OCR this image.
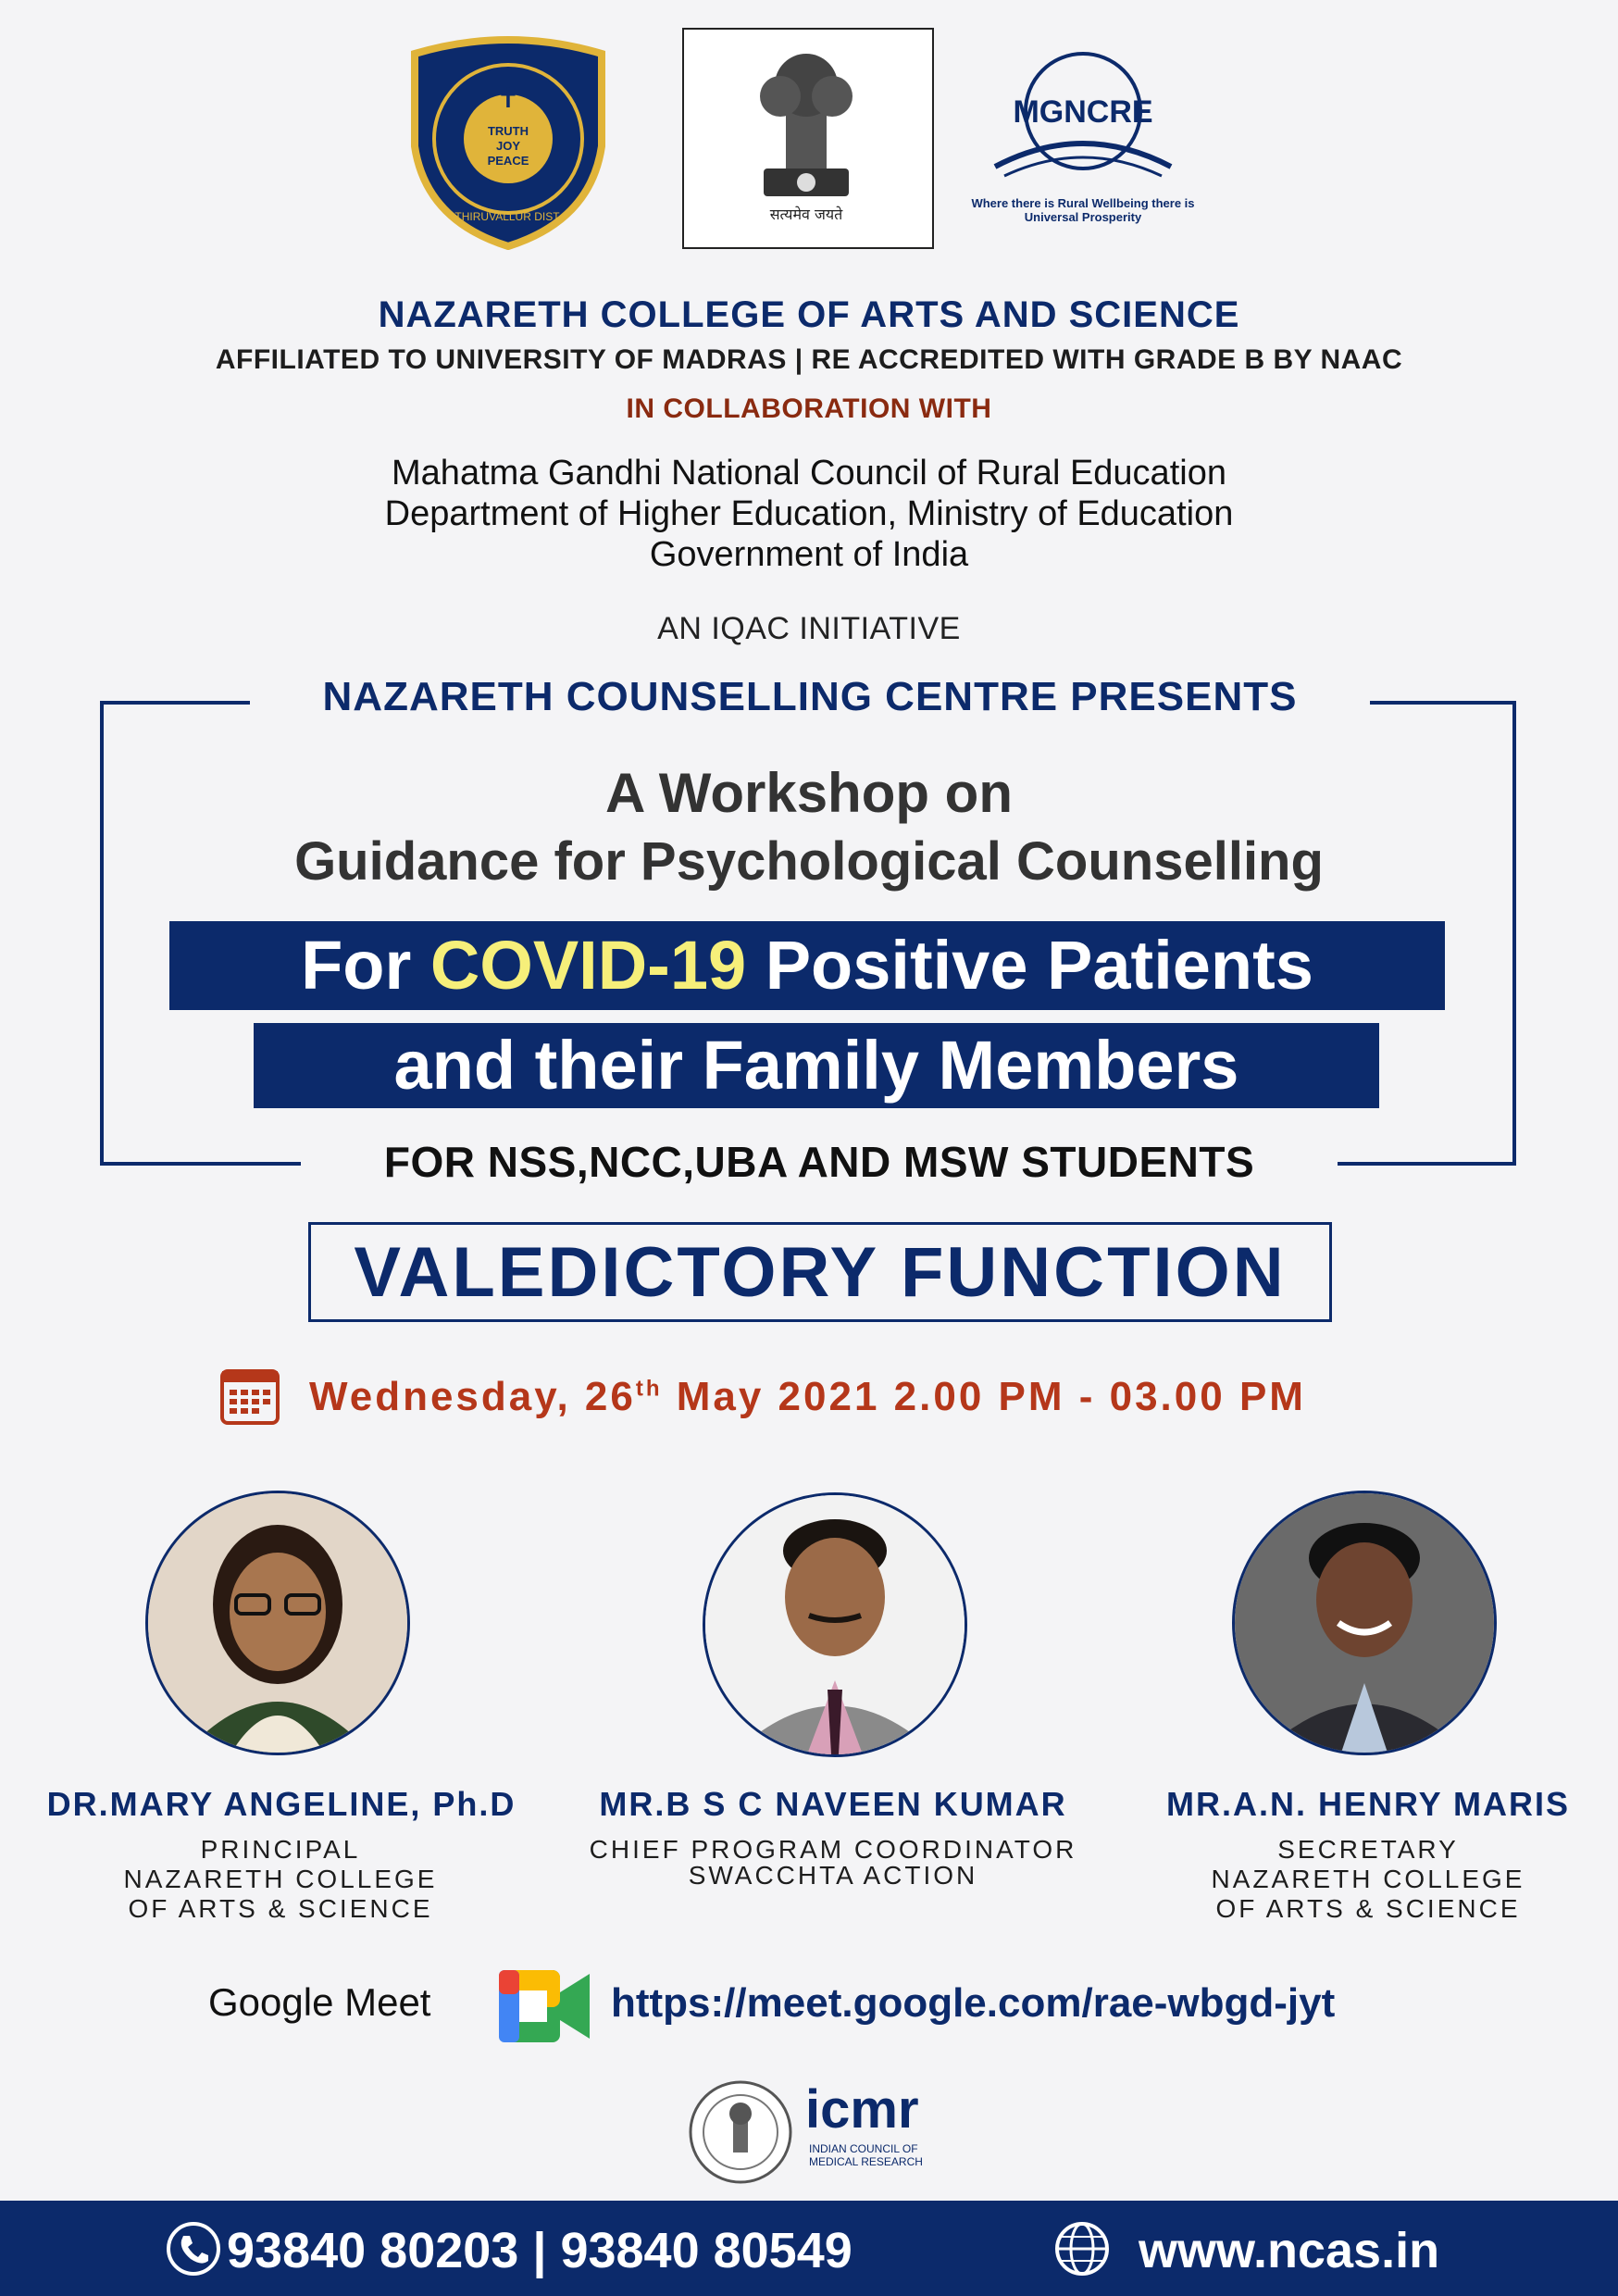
✝
TRUTH
JOY
PEACE
THIRUVALLUR DIST.	सत्यमेव जयते
MGNCRE
Where there is Rural Wellbeing there is Universal Prosperity
NAZARETH COLLEGE OF ARTS AND SCIENCE
AFFILIATED TO UNIVERSITY OF MADRAS | RE ACCREDITED WITH GRADE B BY NAAC
IN COLLABORATION WITH
Mahatma Gandhi National Council of Rural Education
Department of Higher Education, Ministry of Education
Government of India
AN IQAC INITIATIVE
NAZARETH COUNSELLING CENTRE PRESENTS
A Workshop on
Guidance for Psychological Counselling
For COVID-19 Positive Patients
and their Family Members
FOR NSS,NCC,UBA AND MSW STUDENTS
VALEDICTORY FUNCTION
Wednesday, 26th May 2021 2.00 PM - 03.00 PM
DR.MARY ANGELINE, Ph.D
PRINCIPAL
NAZARETH COLLEGE
OF ARTS & SCIENCE
MR.B S C NAVEEN KUMAR
CHIEF PROGRAM COORDINATOR
SWACCHTA ACTION
MR.A.N. HENRY MARIS
SECRETARY
NAZARETH COLLEGE
OF ARTS & SCIENCE
Google Meet	https://meet.google.com/rae-wbgd-jyt
icmr
INDIAN COUNCIL OF
MEDICAL RESEARCH
93840 80203 | 93840 80549	www.ncas.in
